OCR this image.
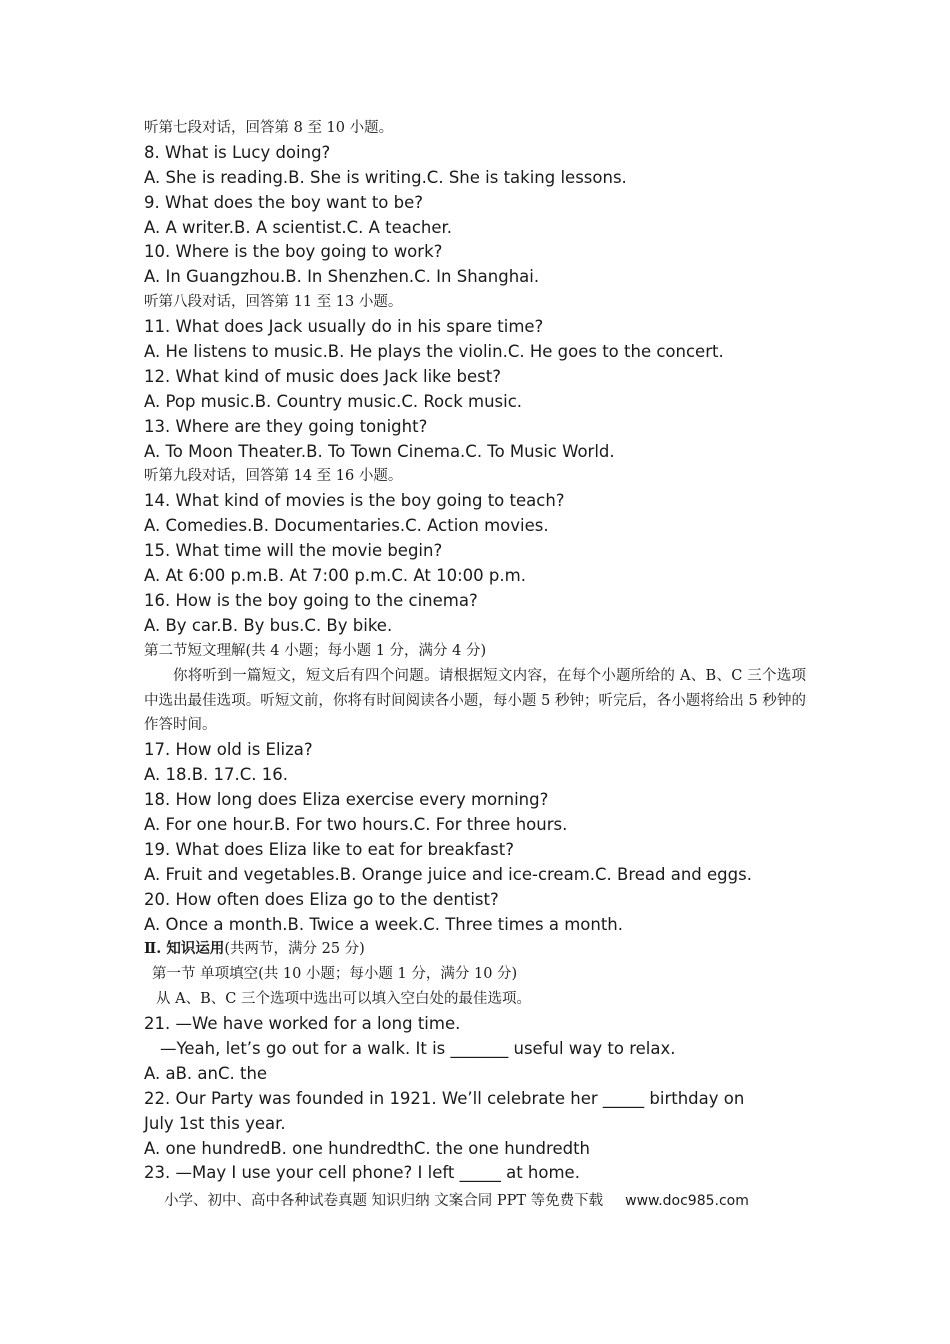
听第七段对话，回答第 8 至 10 小题。
8. What is Lucy doing?
A. She is reading.B. She is writing.C. She is taking lessons.
9. What does the boy want to be?
A. A writer.B. A scientist.C. A teacher.
10. Where is the boy going to work?
A. In Guangzhou.B. In Shenzhen.C. In Shanghai.
听第八段对话，回答第 11 至 13 小题。
11. What does Jack usually do in his spare time?
A. He listens to music.B. He plays the violin.C. He goes to the concert.
12. What kind of music does Jack like best?
A. Pop music.B. Country music.C. Rock music.
13. Where are they going tonight?
A. To Moon Theater.B. To Town Cinema.C. To Music World.
听第九段对话，回答第 14 至 16 小题。
14. What kind of movies is the boy going to teach?
A. Comedies.B. Documentaries.C. Action movies.
15. What time will the movie begin?
A. At 6:00 p.m.B. At 7:00 p.m.C. At 10:00 p.m.
16. How is the boy going to the cinema?
A. By car.B. By bus.C. By bike.
第二节短文理解(共 4 小题；每小题 1 分，满分 4 分)
你将听到一篇短文，短文后有四个问题。请根据短文内容，在每个小题所给的 A、B、C 三个选项中选出最佳选项。听短文前，你将有时间阅读各小题，每小题 5 秒钟；听完后，各小题将给出 5 秒钟的作答时间。
17. How old is Eliza?
A. 18.B. 17.C. 16.
18. How long does Eliza exercise every morning?
A. For one hour.B. For two hours.C. For three hours.
19. What does Eliza like to eat for breakfast?
A. Fruit and vegetables.B. Orange juice and ice-cream.C. Bread and eggs.
20. How often does Eliza go to the dentist?
A. Once a month.B. Twice a week.C. Three times a month.
Ⅱ. 知识运用(共两节，满分 25 分)
第一节 单项填空(共 10 小题；每小题 1 分，满分 10 分)
从 A、B、C 三个选项中选出可以填入空白处的最佳选项。
21. —We have worked for a long time.
—Yeah, let’s go out for a walk. It is _______ useful way to relax.
A. aB. anC. the
22. Our Party was founded in 1921. We’ll celebrate her _____ birthday on
July 1st this year.
A. one hundredB. one hundredthC. the one hundredth
23. —May I use your cell phone? I left _____ at home.
小学、初中、高中各种试卷真题 知识归纳 文案合同 PPT 等免费下载 www.doc985.com
